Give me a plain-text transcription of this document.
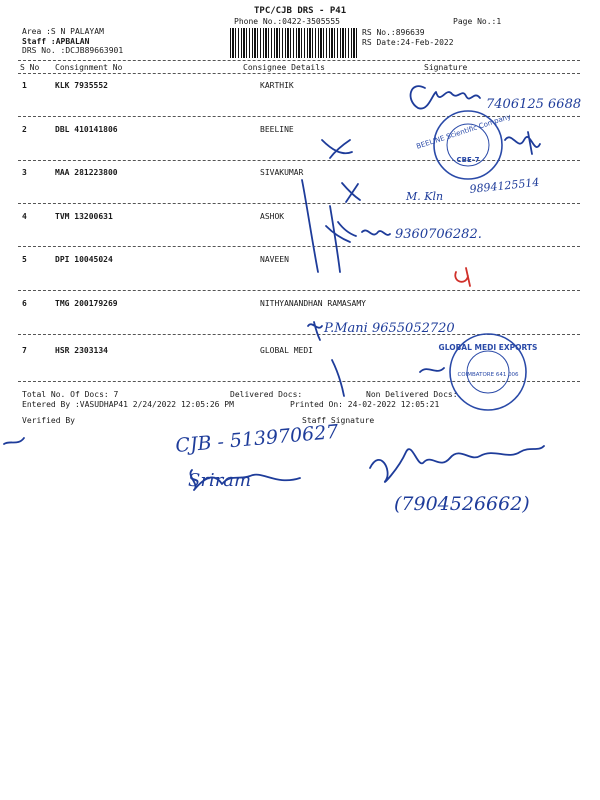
TPC/CJB DRS - P41
Phone No.:0422-3505555	Page No.:1
Area :S N PALAYAM
Staff :APBALAN
DRS No. :DCJB89663901
RS No.:896639
RS Date:24-Feb-2022
S No Consignment No	Consignee Details	Signature
1	KLK 7935552	KARTHIK
2	DBL 410141806	BEELINE
3	MAA 281223800	SIVAKUMAR
4	TVM 13200631	ASHOK
5	DPI 10045024	NAVEEN
6	TMG 200179269	NITHYANANDHAN RAMASAMY
7	HSR 2303134	GLOBAL MEDI
Total No. Of Docs: 7	Delivered Docs:	Non Delivered Docs:
Entered By :VASUDHAP41 2/24/2022 12:05:26 PM	Printed On: 24-02-2022 12:05:21
Verified By	Staff Signature
BEELINE Scientific Company
CBE-7
GLOBAL MEDI EXPORTS
COIMBATORE 641 006
7406125 6688
M. Kln
9894125514
9360706282.
P.Mani 9655052720
CJB - 513970627
Sriram
(7904526662)
